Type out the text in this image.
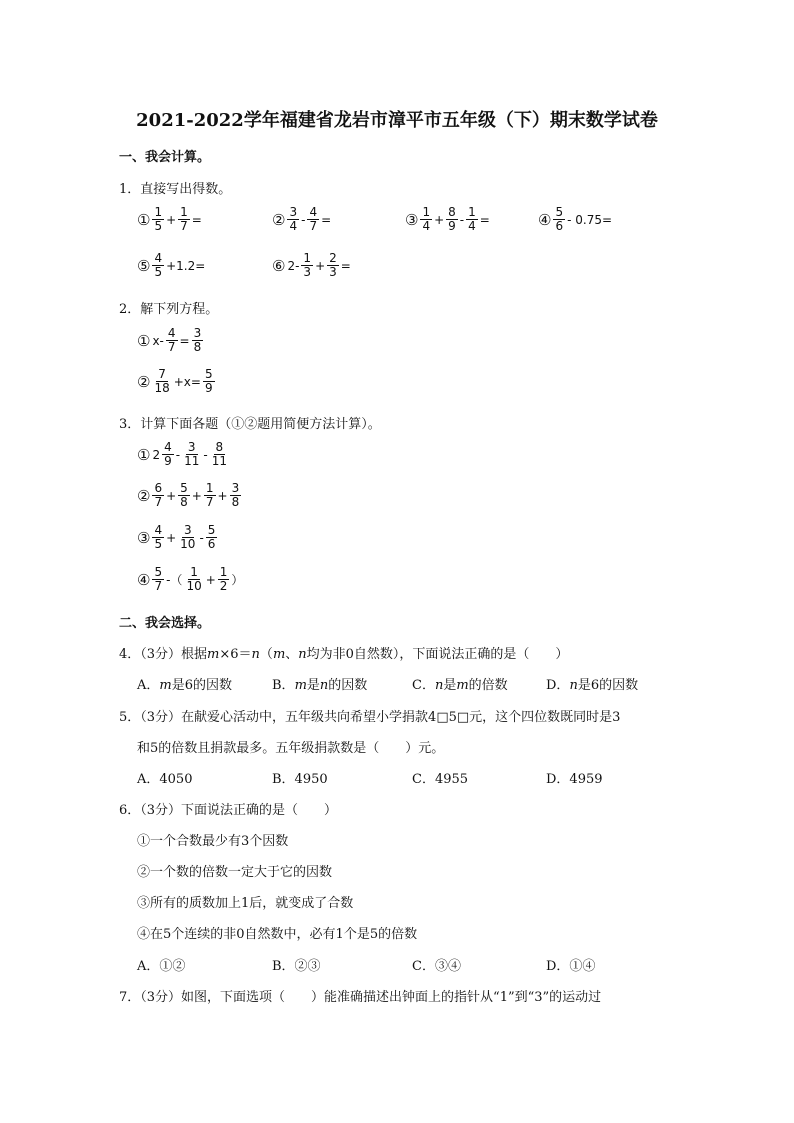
2021-2022学年福建省龙岩市漳平市五年级（下）期末数学试卷
一、我会计算。
1．直接写出得数。
① $\frac{1}{5} + \frac{1}{7}$ =	② $\frac{3}{4} - \frac{4}{7}$ =	③ $\frac{1}{4} + \frac{8}{9} - \frac{1}{4}$ =	④ $\frac{5}{6} - 0.75=$
⑤ $\frac{4}{5} +1.2=$	⑥ $2- \frac{1}{3} + \frac{2}{3}$ =
2．解下列方程。
① $x- \frac{4}{7} = \frac{3}{8}$
② $\frac{7}{18} +x= \frac{5}{9}$
3．计算下面各题（①②题用简便方法计算）。
① $2 \frac{4}{9} - \frac{3}{11} - \frac{8}{11}$
② $\frac{6}{7} + \frac{5}{8} + \frac{1}{7} + \frac{3}{8}$
③ $\frac{4}{5} + \frac{3}{10} - \frac{5}{6}$
④ $\frac{5}{7}$ -（ $\frac{1}{10} + \frac{1}{2}$ ）
二、我会选择。
4．（3分）根据m×6＝n（m、n均为非0自然数），下面说法正确的是（　　）
A．m是6的因数	B．m是n的因数	C．n是m的倍数	D．n是6的因数
5．（3分）在献爱心活动中，五年级共向希望小学捐款4□5□元，这个四位数既同时是3
和5的倍数且捐款最多。五年级捐款数是（　　）元。
A．4050	B．4950	C．4955	D．4959
6．（3分）下面说法正确的是（　　）
①一个合数最少有3个因数
②一个数的倍数一定大于它的因数
③所有的质数加上1后，就变成了合数
④在5个连续的非0自然数中，必有1个是5的倍数
A．①②	B．②③	C．③④	D．①④
7．（3分）如图，下面选项（　　）能准确描述出钟面上的指针从“1”到“3”的运动过
